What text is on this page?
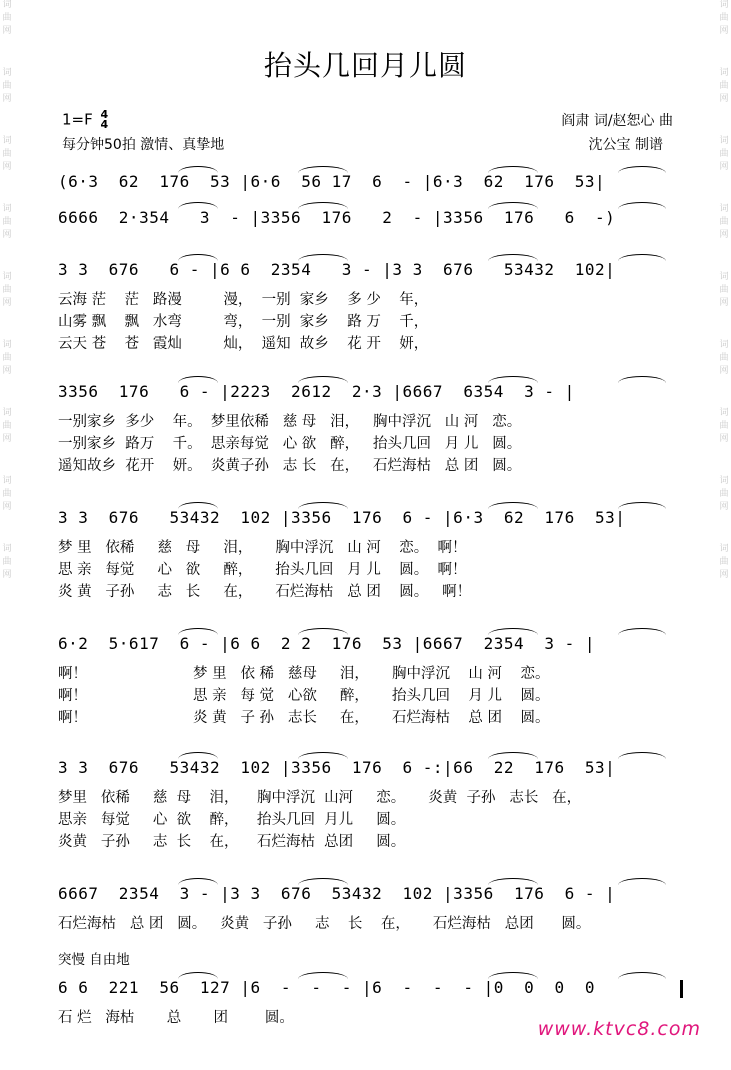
词
曲
网
词
曲
网
词
曲
网
词
曲
网
词
曲
网
词
曲
网
词
曲
网
词
曲
网
词
曲
网
词
曲
网
词
曲
网
词
曲
网
词
曲
网
词
曲
网
词
曲
网
词
曲
网
词
曲
网
词
曲
网
抬头几回月儿圆
1=F 4
4
每分钟50拍 激情、真挚地
阎肃 词/赵恕心 曲
沈公宝 制谱
(6·3  62  176  53 |6·6  56 17  6  - |6·3  62  176  53|
6666  2·354   3  - |3356  176   2  - |3356  176   6  -)
3 3  676   6 - |6 6  2354   3 - |3 3  676   53432  102|
云海 茫    茫   路漫         漫，  一别  家乡    多 少    年，
山雾 飘    飘   水弯         弯，  一别  家乡    路 万    千，
云天 苍    苍   霞灿         灿，  遥知  故乡    花 开    妍，
3356  176   6 - |2223  2612  2·3 |6667  6354  3 - |
一别家乡  多少    年。  梦里依稀   慈 母   泪，   胸中浮沉   山 河   恋。
一别家乡  路万    千。  思亲每觉   心 欲   醉，   抬头几回   月 儿   圆。
遥知故乡  花开    妍。  炎黄子孙   志 长   在，   石烂海枯   总 团   圆。
3 3  676   53432  102 |3356  176  6 - |6·3  62  176  53|
梦 里   依稀     慈   母     泪，     胸中浮沉   山 河    恋。  啊！
思 亲   每觉     心   欲     醉，     抬头几回   月 儿    圆。  啊！
炎 黄   子孙     志   长     在，     石烂海枯   总 团    圆。   啊！
6·2  5·617  6 - |6 6  2 2  176  53 |6667  2354  3 - |
啊！                       梦 里   依 稀   慈母     泪，     胸中浮沉    山 河    恋。
啊！                       思 亲   每 觉   心欲     醉，     抬头几回    月 儿    圆。
啊！                       炎 黄   子 孙   志长     在，     石烂海枯    总 团    圆。
3 3  676   53432  102 |3356  176  6 -:|66  22  176  53|
梦里   依稀     慈  母    泪，    胸中浮沉  山河     恋。     炎黄  子孙   志长   在，
思亲   每觉     心  欲    醉，    抬头几回  月儿     圆。
炎黄   子孙     志  长    在，    石烂海枯  总团     圆。
6667  2354  3 - |3 3  676  53432  102 |3356  176  6 - |
石烂海枯   总 团   圆。   炎黄   子孙     志    长    在，     石烂海枯   总团      圆。
6 6  221  56  127 |6  -  -  - |6  -  -  - |0  0  0  0
石 烂   海枯       总       团        圆。
突慢 自由地
www.ktvc8.com
